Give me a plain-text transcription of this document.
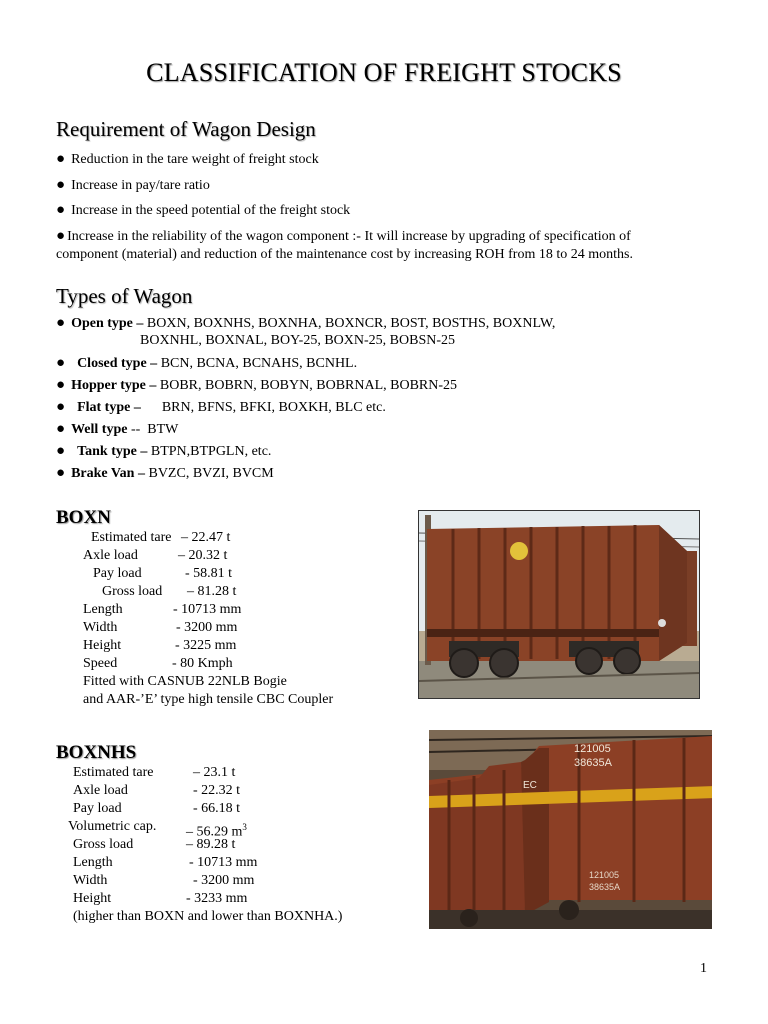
CLASSIFICATION OF FREIGHT STOCKS
Requirement of Wagon Design
● Reduction in the tare weight of freight stock
● Increase in pay/tare ratio
● Increase in the speed potential of the freight stock
● Increase in the reliability of the wagon component :- It will increase by upgrading of specification of
component (material) and reduction of the maintenance cost by increasing ROH from 18 to 24 months.
Types of Wagon
● Open type – BOXN, BOXNHS, BOXNHA, BOXNCR, BOST, BOSTHS, BOXNLW,
BOXNHL, BOXNAL, BOY-25, BOXN-25, BOBSN-25
● Closed type – BCN, BCNA, BCNAHS, BCNHL.
● Hopper type – BOBR, BOBRN, BOBYN, BOBRNAL, BOBRN-25
● Flat type –      BRN, BFNS, BFKI, BOXKH, BLC etc.
● Well type --  BTW
● Tank type – BTPN,BTPGLN, etc.
● Brake Van – BVZC, BVZI, BVCM
BOXN
Estimated tare – 22.47 t
Axle load	– 20.32 t
Pay load	- 58.81 t
Gross load – 81.28 t
Length	- 10713 mm
Width	- 3200 mm
Height	- 3225 mm
Speed	- 80 Kmph
Fitted with CASNUB 22NLB Bogie
and AAR-’E’ type high tensile CBC Coupler
BOXNHS
Estimated tare	– 23.1 t
Axle load	- 22.32 t
Pay load	- 66.18 t
Volumetric cap. – 56.29 $m^3$
Gross load	– 89.28 t
Length	- 10713 mm
Width	- 3200 mm
Height	- 3233 mm
(higher than BOXN and lower than BOXNHA.)
121005
38635A
EC
121005
38635A
1
